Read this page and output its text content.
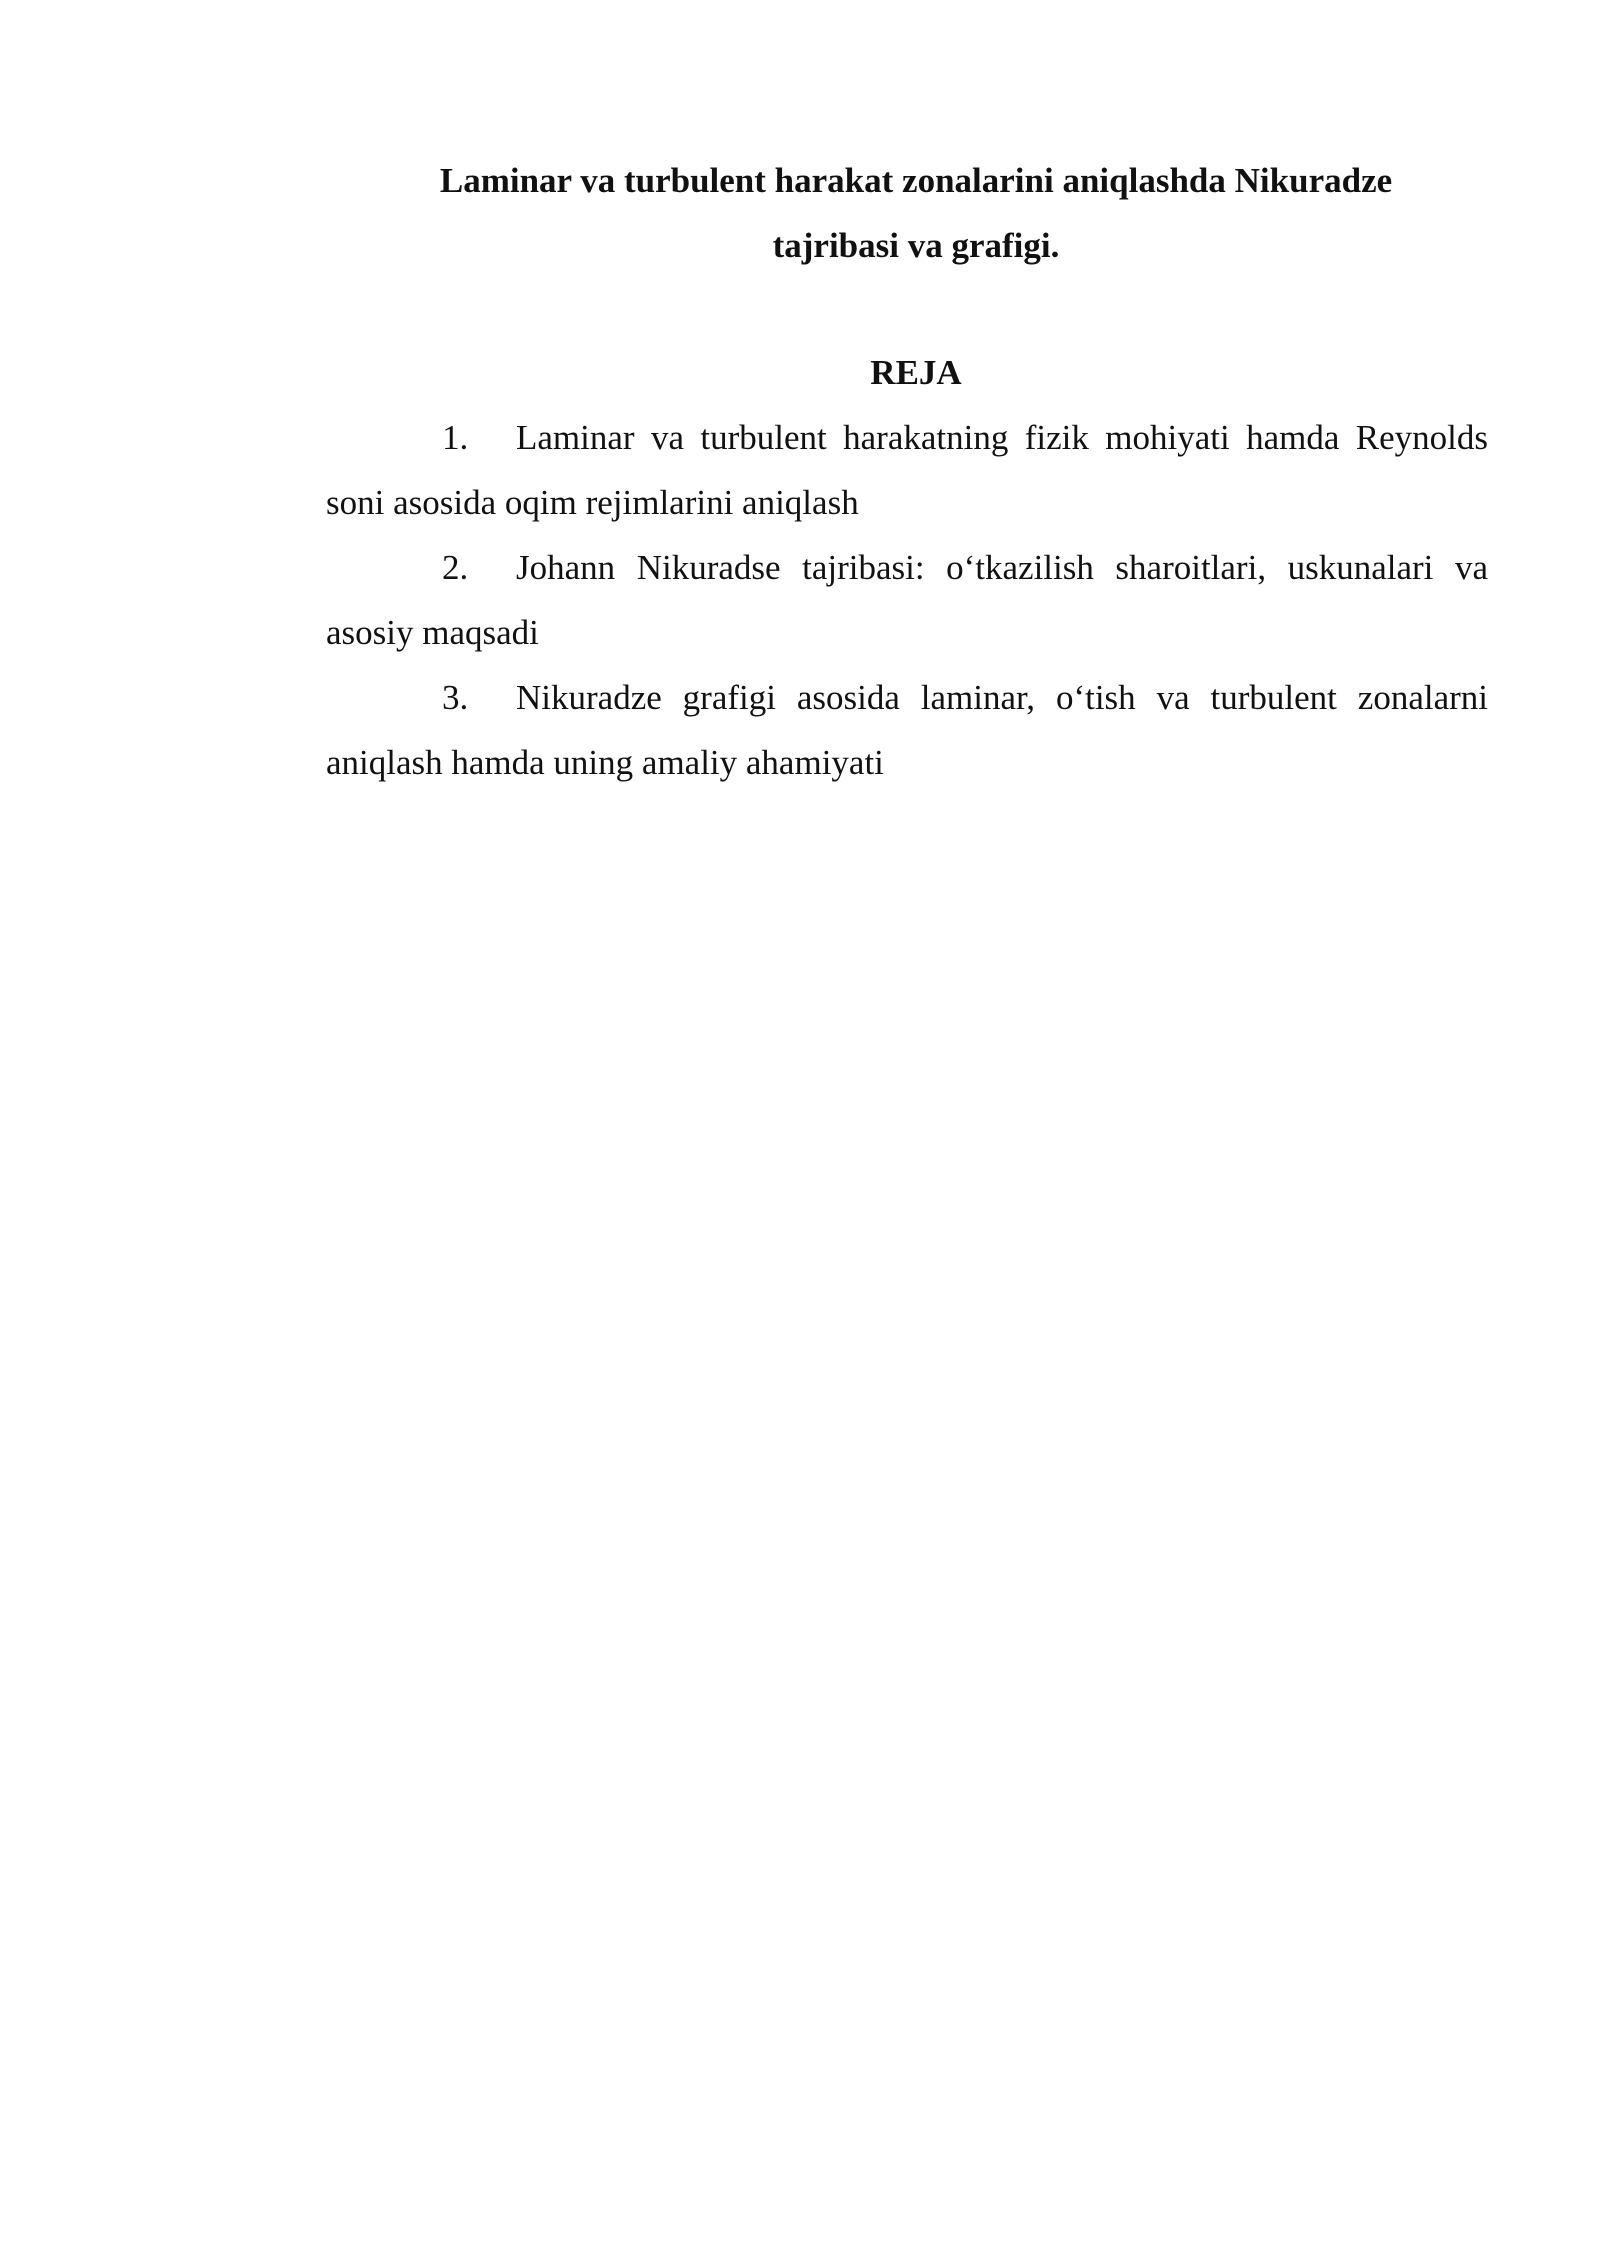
Laminar va turbulent harakat zonalarini aniqlashda Nikuradze
tajribasi va grafigi.
REJA
1. Laminar va turbulent harakatning fizik mohiyati hamda Reynolds
soni asosida oqim rejimlarini aniqlash
2. Johann Nikuradse tajribasi: o‘tkazilish sharoitlari, uskunalari va
asosiy maqsadi
3. Nikuradze grafigi asosida laminar, o‘tish va turbulent zonalarni
aniqlash hamda uning amaliy ahamiyati
